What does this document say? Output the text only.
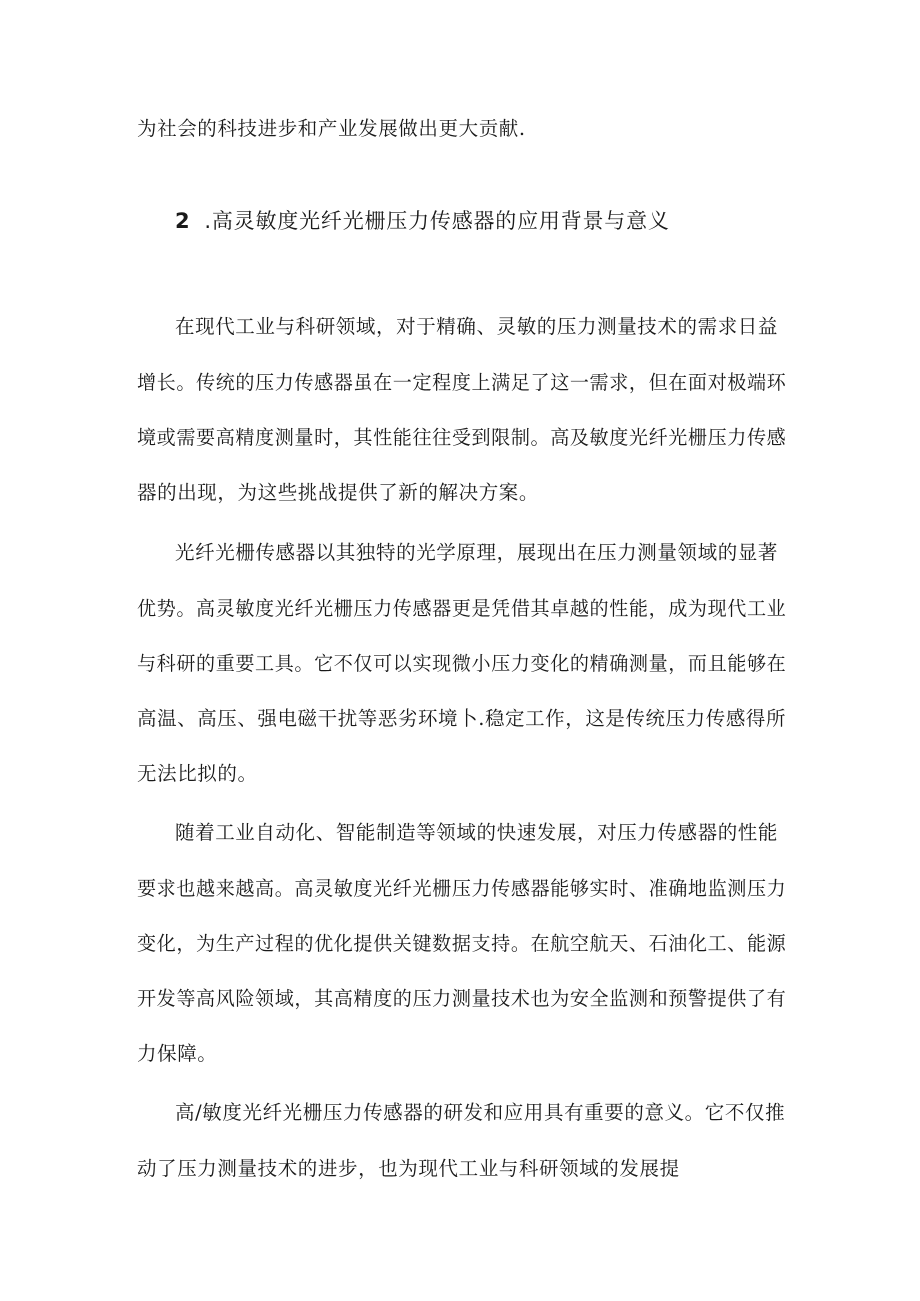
为社会的科技进步和产业发展做出更大贡献.
2 .高灵敏度光纤光栅压力传感器的应用背景与意义
在现代工业与科研领域，对于精确、灵敏的压力测量技术的需求日益
增长。传统的压力传感器虽在一定程度上满足了这一需求，但在面对极端环
境或需要高精度测量时，其性能往往受到限制。高及敏度光纤光栅压力传感
器的出现，为这些挑战提供了新的解决方案。
光纤光栅传感器以其独特的光学原理，展现出在压力测量领域的显著
优势。高灵敏度光纤光栅压力传感器更是凭借其卓越的性能，成为现代工业
与科研的重要工具。它不仅可以实现微小压力变化的精确测量，而且能够在
高温、高压、强电磁干扰等恶劣环境卜.稳定工作，这是传统压力传感得所
无法比拟的。
随着工业自动化、智能制造等领域的快速发展，对压力传感器的性能
要求也越来越高。高灵敏度光纤光栅压力传感器能够实时、准确地监测压力
变化，为生产过程的优化提供关键数据支持。在航空航天、石油化工、能源
开发等高风险领域，其高精度的压力测量技术也为安全监测和预警提供了有
力保障。
高/敏度光纤光栅压力传感器的研发和应用具有重要的意义。它不仅推
动了压力测量技术的进步，也为现代工业与科研领域的发展提
